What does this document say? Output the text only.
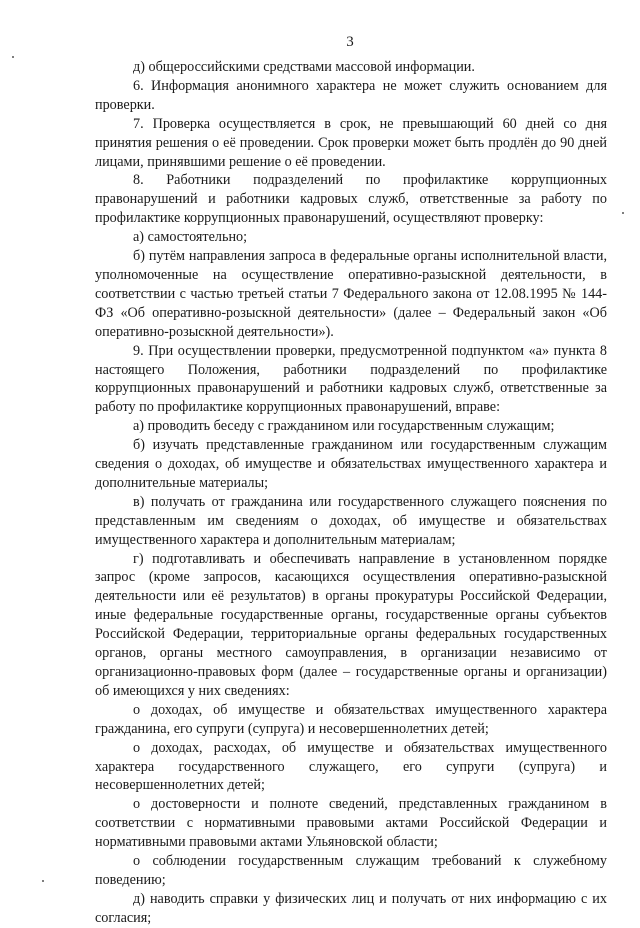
3

д) общероссийскими средствами массовой информации.

6. Информация анонимного характера не может служить основанием для проверки.

7. Проверка осуществляется в срок, не превышающий 60 дней со дня принятия решения о её проведении. Срок проверки может быть продлён до 90 дней лицами, принявшими решение о её проведении.

8. Работники подразделений по профилактике коррупционных правонарушений и работники кадровых служб, ответственные за работу по профилактике коррупционных правонарушений, осуществляют проверку:

а) самостоятельно;

б) путём направления запроса в федеральные органы исполнительной власти, уполномоченные на осуществление оперативно-разыскной деятельности, в соответствии с частью третьей статьи 7 Федерального закона от 12.08.1995 № 144-ФЗ «Об оперативно-розыскной деятельности» (далее – Федеральный закон «Об оперативно-розыскной деятельности»).

9. При осуществлении проверки, предусмотренной подпунктом «а» пункта 8 настоящего Положения, работники подразделений по профилактике коррупционных правонарушений и работники кадровых служб, ответственные за работу по профилактике коррупционных правонарушений, вправе:

а) проводить беседу с гражданином или государственным служащим;

б) изучать представленные гражданином или государственным служащим сведения о доходах, об имуществе и обязательствах имущественного характера и дополнительные материалы;

в) получать от гражданина или государственного служащего пояснения по представленным им сведениям о доходах, об имуществе и обязательствах имущественного характера и дополнительным материалам;

г) подготавливать и обеспечивать направление в установленном порядке запрос (кроме запросов, касающихся осуществления оперативно-разыскной деятельности или её результатов) в органы прокуратуры Российской Федерации, иные федеральные государственные органы, государственные органы субъектов Российской Федерации, территориальные органы федеральных государственных органов, органы местного самоуправления, в организации независимо от организационно-правовых форм (далее – государственные органы и организации) об имеющихся у них сведениях:

о доходах, об имуществе и обязательствах имущественного характера гражданина, его супруги (супруга) и несовершеннолетних детей;

о доходах, расходах, об имуществе и обязательствах имущественного характера государственного служащего, его супруги (супруга) и несовершеннолетних детей;

о достоверности и полноте сведений, представленных гражданином в соответствии с нормативными правовыми актами Российской Федерации и нормативными правовыми актами Ульяновской области;

о соблюдении государственным служащим требований к служебному поведению;

д) наводить справки у физических лиц и получать от них информацию с их согласия;
